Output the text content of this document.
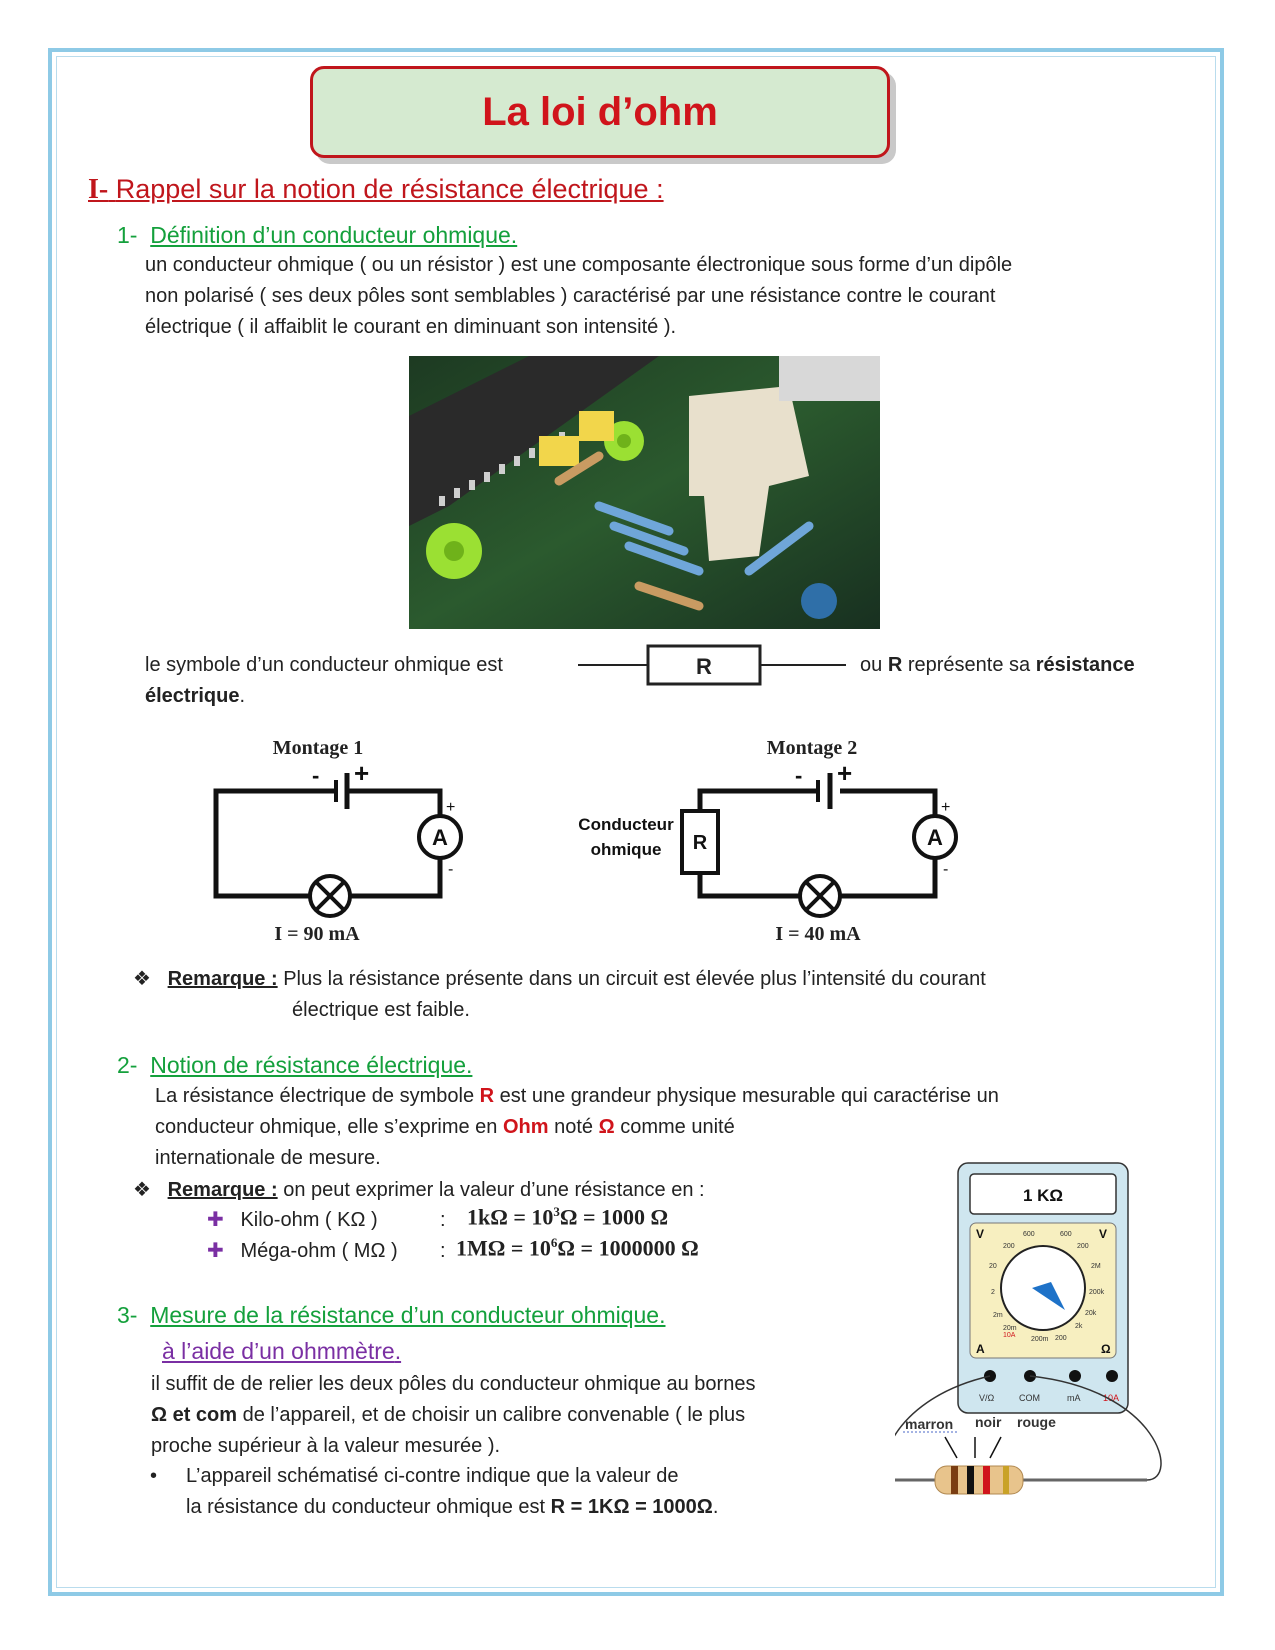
La loi d’ohm
I- Rappel sur la notion de résistance électrique :
1- Définition d’un conducteur ohmique.
un conducteur ohmique ( ou un résistor ) est une composante électronique sous forme d’un dipôle
non polarisé ( ses deux pôles sont semblables ) caractérisé par une résistance contre le courant
électrique ( il affaiblit le courant en diminuant son intensité ).
le symbole d’un conducteur ohmique est	R	ou R représente sa résistance
électrique.
Montage 1
- +
A
+
-
I = 90 mA
Montage 2
R
Conducteur
ohmique
- +
A
+
-
I = 40 mA
❖ Remarque : Plus la résistance présente dans un circuit est élevée plus l’intensité du courant
électrique est faible.
2- Notion de résistance électrique.
La résistance électrique de symbole R est une grandeur physique mesurable qui caractérise un
conducteur ohmique, elle s’exprime en Ohm noté Ω comme unité
internationale de mesure.
❖ Remarque : on peut exprimer la valeur d’une résistance en :
✚ Kilo-ohm ( KΩ )	: $1k\Omega = 10^3\Omega = 1000$ Ω
✚ Méga-ohm ( MΩ ) : $1M\Omega = 10^6\Omega = 1000000$ Ω
3- Mesure de la résistance d’un conducteur ohmique.
à l’aide d’un ohmmètre.
il suffit de de relier les deux pôles du conducteur ohmique au bornes
Ω et com de l’appareil, et de choisir un calibre convenable ( le plus
proche supérieur à la valeur mesurée ).
• L’appareil schématisé ci-contre indique que la valeur de
la résistance du conducteur ohmique est R = 1KΩ = 1000Ω.
1 KΩ
V	V
A	Ω
600
200
20
2
2m
20m
10A
200m
600
200
2M
200k
20k
2k
200
V/Ω	COM	mA	10A
marron noir rouge
